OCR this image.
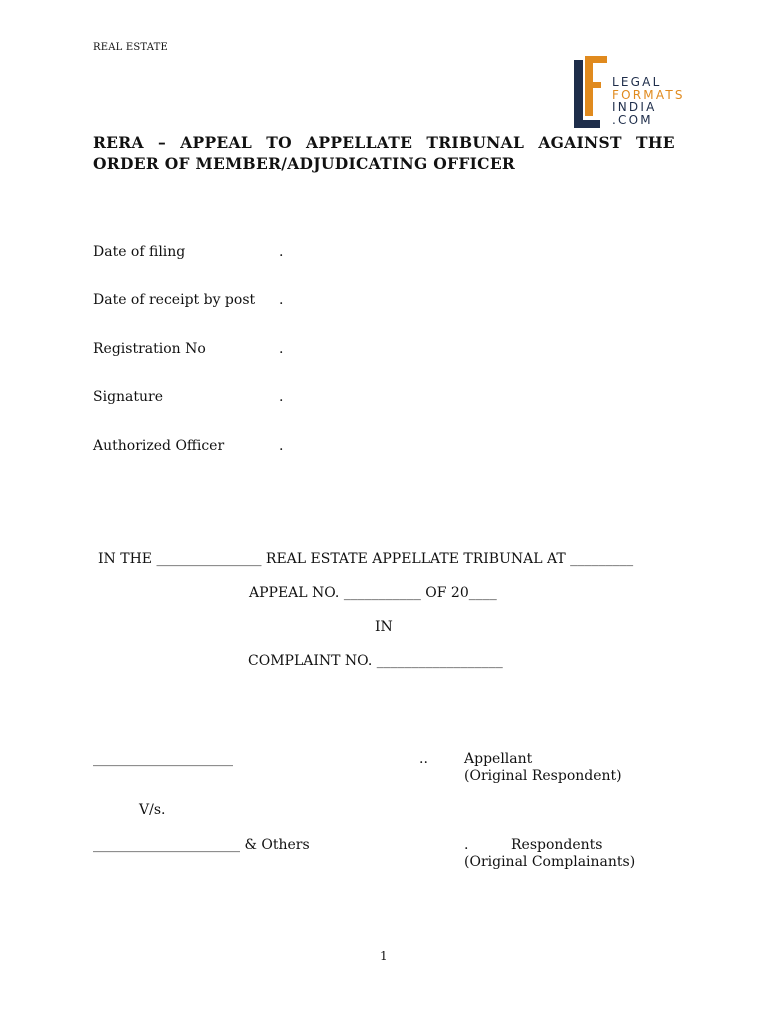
REAL ESTATE
LEGAL
FORMATS
INDIA
.COM
RERA – APPEAL TO APPELLATE TRIBUNAL AGAINST THE
ORDER OF MEMBER/ADJUDICATING OFFICER
Date of filing	.
Date of receipt by post .
Registration No	.
Signature	.
Authorized Officer	.
IN THE _______________ REAL ESTATE APPELLATE TRIBUNAL AT _________
APPEAL NO. ___________ OF 20____
IN
COMPLAINT NO. __________________
____________________	..	Appellant
(Original Respondent)
V/s.
_____________________ & Others	.	Respondents
(Original Complainants)
1
